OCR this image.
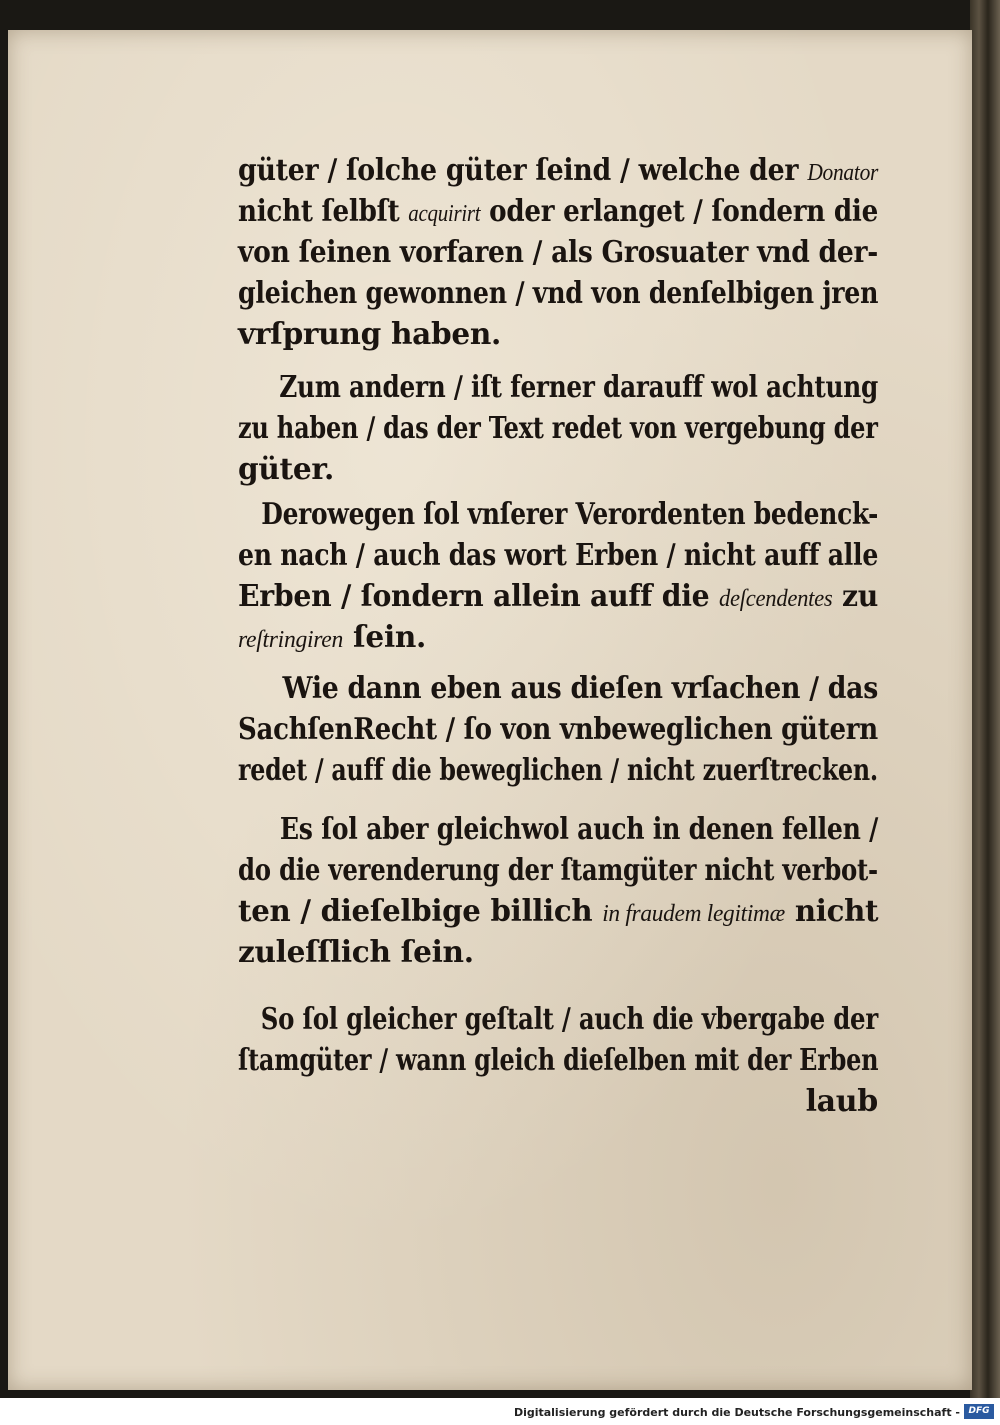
güter / ſolche güter ſeind / welche der Donator
nicht ſelbſt acquirirt oder erlanget / ſondern die
von ſeinen vorfaren / als Grosuater vnd der-
gleichen gewonnen / vnd von denſelbigen jren
vrſprung haben.
Zum andern / iſt ferner darauff wol achtung
zu haben / das der Text redet von vergebung der
güter.
Derowegen ſol vnſerer Verordenten bedenck-
en nach / auch das wort Erben / nicht auff alle
Erben / ſondern allein auff die deſcendentes zu
reſtringiren ſein.
Wie dann eben aus dieſen vrſachen / das
SachſenRecht / ſo von vnbeweglichen gütern
redet / auff die beweglichen / nicht zuerſtrecken.
Es ſol aber gleichwol auch in denen fellen /
do die verenderung der ſtamgüter nicht verbot-
ten / dieſelbige billich in fraudem legitimæ nicht
zuleſſlich ſein.
So ſol gleicher geſtalt / auch die vbergabe der
ſtamgüter / wann gleich dieſelben mit der Erben
laub
Digitalisierung gefördert durch die Deutsche Forschungsgemeinschaft - DFG
